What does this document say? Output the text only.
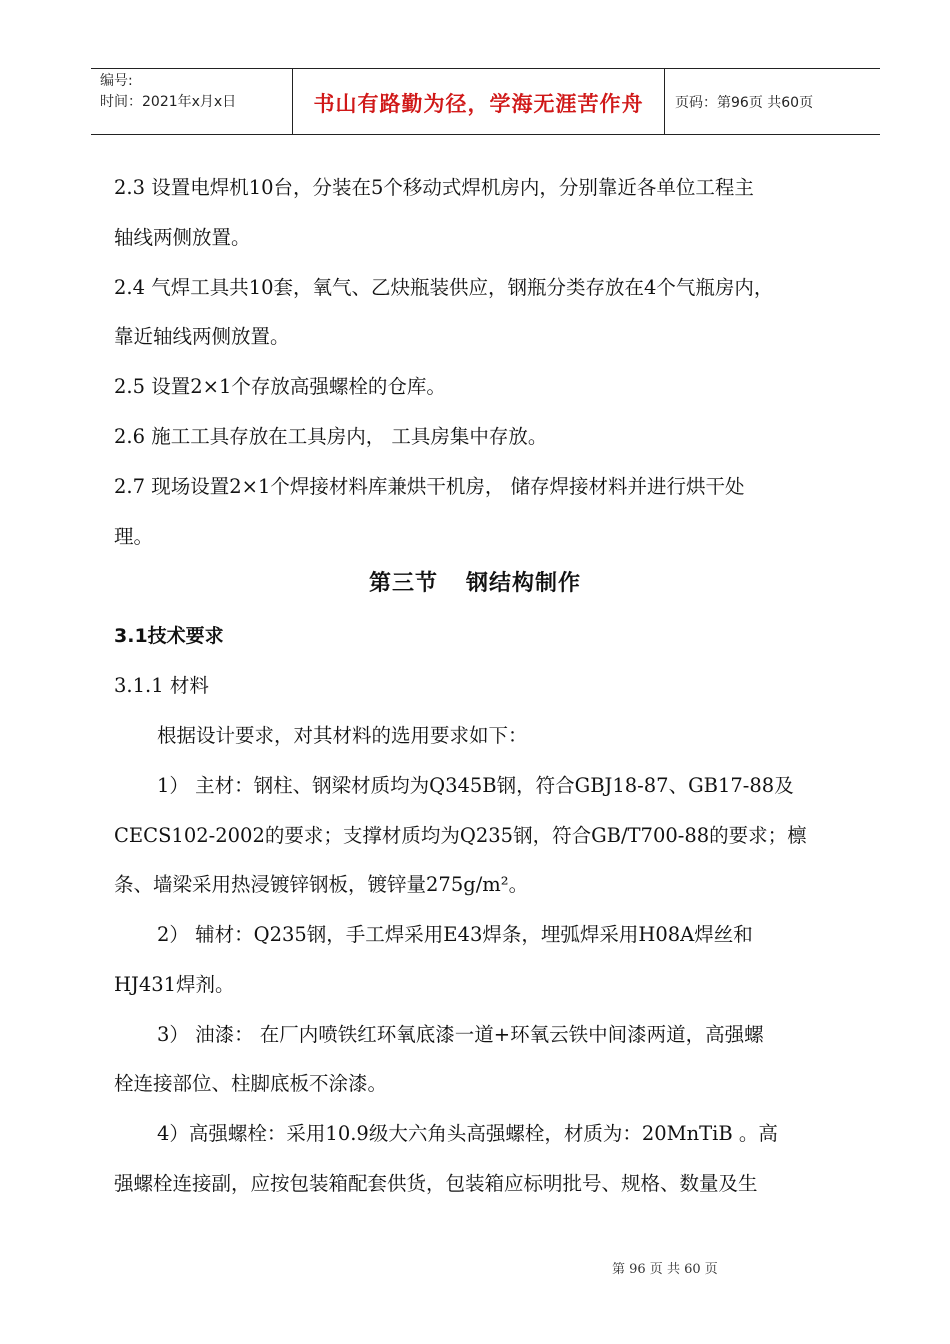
编号:
时间：2021年x月x日	书山有路勤为径，学海无涯苦作舟	页码：第96页 共60页
2.3 设置电焊机10台，分装在5个移动式焊机房内，分别靠近各单位工程主
轴线两侧放置。
2.4 气焊工具共10套，氧气、乙炔瓶装供应，钢瓶分类存放在4个气瓶房内，
靠近轴线两侧放置。
2.5 设置2×1个存放高强螺栓的仓库。
2.6 施工工具存放在工具房内， 工具房集中存放。
2.7 现场设置2×1个焊接材料库兼烘干机房， 储存焊接材料并进行烘干处
理。
第三节 钢结构制作
3.1技术要求
3.1.1 材料
根据设计要求，对其材料的选用要求如下：
1） 主材：钢柱、钢梁材质均为Q345B钢，符合GBJ18-87、GB17-88及
CECS102-2002的要求；支撑材质均为Q235钢，符合GB/T700-88的要求；檩
条、墙梁采用热浸镀锌钢板，镀锌量275g/m²。
2） 辅材：Q235钢，手工焊采用E43焊条，埋弧焊采用H08A焊丝和
HJ431焊剂。
3） 油漆： 在厂内喷铁红环氧底漆一道+环氧云铁中间漆两道，高强螺
栓连接部位、柱脚底板不涂漆。
4）高强螺栓：采用10.9级大六角头高强螺栓，材质为：20MnTiB 。高
强螺栓连接副，应按包装箱配套供货，包装箱应标明批号、规格、数量及生
第 96 页 共 60 页
